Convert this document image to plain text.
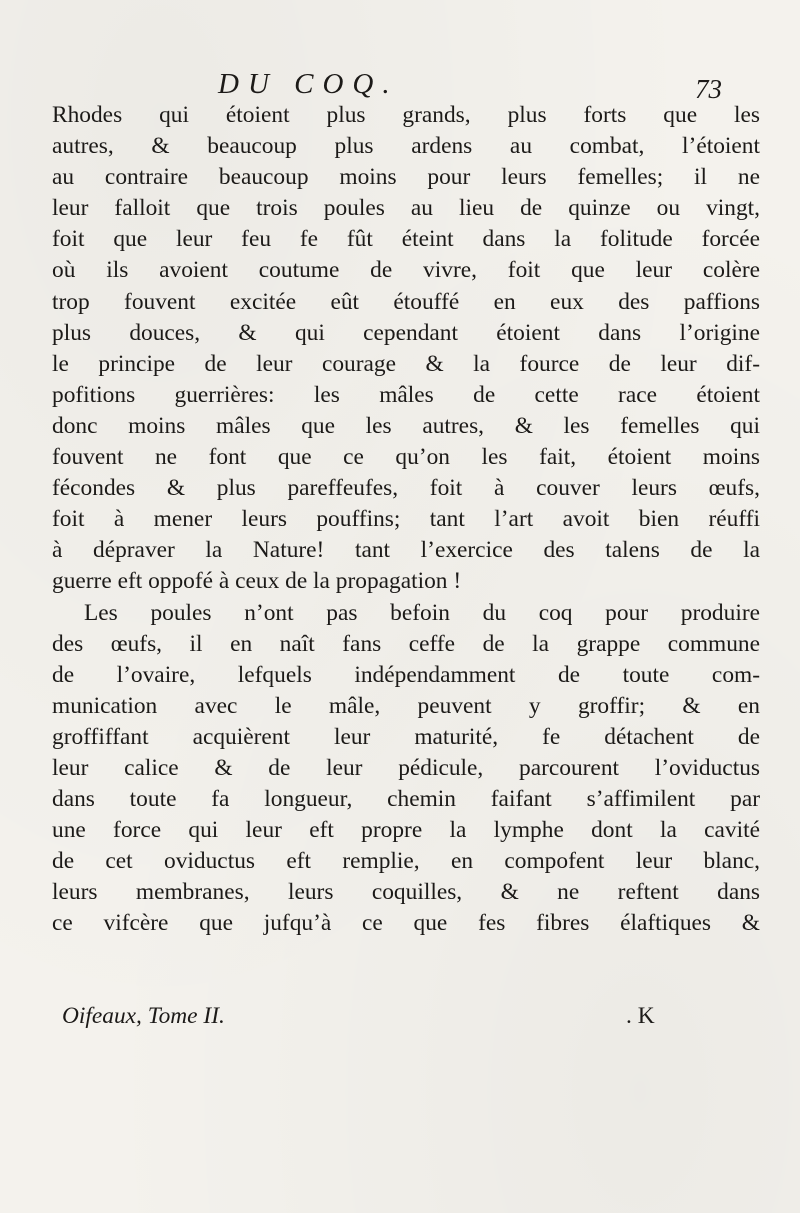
DU COQ.	73
Rhodes qui étoient plus grands, plus forts que les
autres, & beaucoup plus ardens au combat, l’étoient
au contraire beaucoup moins pour leurs femelles; il ne
leur falloit que trois poules au lieu de quinze ou vingt,
foit que leur feu fe fût éteint dans la folitude forcée
où ils avoient coutume de vivre, foit que leur colère
trop fouvent excitée eût étouffé en eux des paffions
plus douces, & qui cependant étoient dans l’origine
le principe de leur courage & la fource de leur dif-
pofitions guerrières: les mâles de cette race étoient
donc moins mâles que les autres, & les femelles qui
fouvent ne font que ce qu’on les fait, étoient moins
fécondes & plus pareffeufes, foit à couver leurs œufs,
foit à mener leurs pouffins; tant l’art avoit bien réuffi
à dépraver la Nature! tant l’exercice des talens de la
guerre eft oppofé à ceux de la propagation !
Les poules n’ont pas befoin du coq pour produire
des œufs, il en naît fans ceffe de la grappe commune
de l’ovaire, lefquels indépendamment de toute com-
munication avec le mâle, peuvent y groffir; & en
groffiffant acquièrent leur maturité, fe détachent de
leur calice & de leur pédicule, parcourent l’oviductus
dans toute fa longueur, chemin faifant s’affimilent par
une force qui leur eft propre la lymphe dont la cavité
de cet oviductus eft remplie, en compofent leur blanc,
leurs membranes, leurs coquilles, & ne reftent dans
ce vifcère que jufqu’à ce que fes fibres élaftiques &
Oifeaux, Tome II.	. K
